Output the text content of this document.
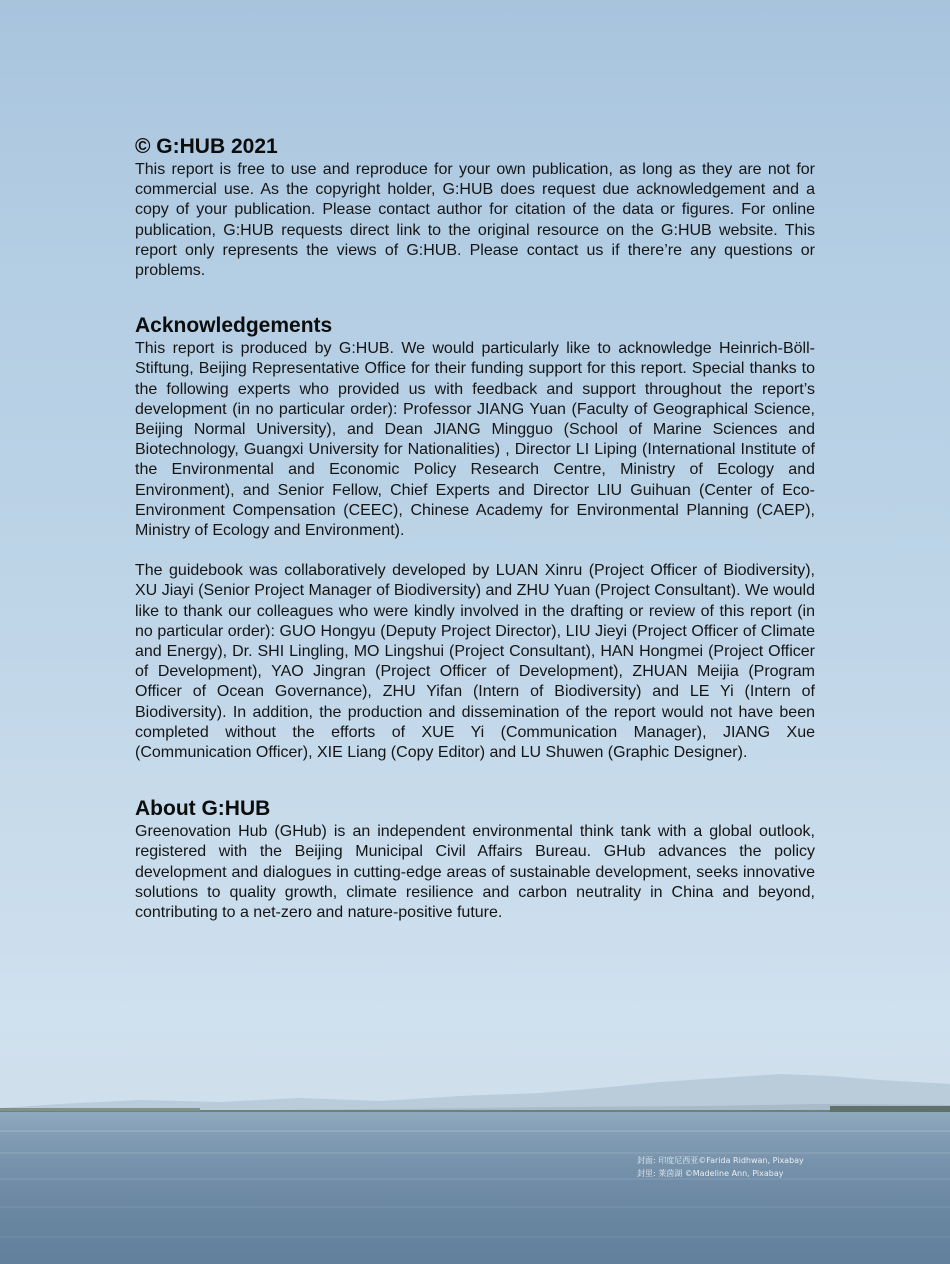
© G:HUB 2021

This report is free to use and reproduce for your own publication, as long as they are not for commercial use. As the copyright holder, G:HUB does request due acknowledgement and a copy of your publication. Please contact author for citation of the data or figures. For online publication, G:HUB requests direct link to the original resource on the G:HUB website. This report only represents the views of G:HUB. Please contact us if there’re any questions or problems.

Acknowledgements

This report is produced by G:HUB. We would particularly like to acknowledge Heinrich-Böll-Stiftung, Beijing Representative Office for their funding support for this report. Special thanks to the following experts who provided us with feedback and support throughout the report’s development (in no particular order): Professor JIANG Yuan (Faculty of Geographical Science, Beijing Normal University), and Dean JIANG Mingguo (School of Marine Sciences and Biotechnology, Guangxi University for Nationalities) , Director LI Liping (International Institute of the Environmental and Economic Policy Research Centre, Ministry of Ecology and Environment), and Senior Fellow, Chief Experts and Director LIU Guihuan (Center of Eco-Environment Compensation (CEEC), Chinese Academy for Environmental Planning (CAEP), Ministry of Ecology and Environment).

The guidebook was collaboratively developed by LUAN Xinru (Project Officer of Biodiversity), XU Jiayi (Senior Project Manager of Biodiversity) and ZHU Yuan (Project Consultant). We would like to thank our colleagues who were kindly involved in the drafting or review of this report (in no particular order): GUO Hongyu (Deputy Project Director), LIU Jieyi (Project Officer of Climate and Energy), Dr. SHI Lingling, MO Lingshui (Project Consultant), HAN Hongmei (Project Officer of Development), YAO Jingran (Project Officer of Development), ZHUAN Meijia (Program Officer of Ocean Governance), ZHU Yifan (Intern of Biodiversity) and LE Yi (Intern of Biodiversity). In addition, the production and dissemination of the report would not have been completed without the efforts of XUE Yi (Communication Manager), JIANG Xue (Communication Officer), XIE Liang (Copy Editor) and LU Shuwen (Graphic Designer).

About G:HUB

Greenovation Hub (GHub) is an independent environmental think tank with a global outlook, registered with the Beijing Municipal Civil Affairs Bureau. GHub advances the policy development and dialogues in cutting-edge areas of sustainable development, seeks innovative solutions to quality growth, climate resilience and carbon neutrality in China and beyond, contributing to a net-zero and nature-positive future.

封面: 印度尼西亚©Farida Ridhwan, Pixabay
封里: 莱茵湖 ©Madeline Ann, Pixabay
